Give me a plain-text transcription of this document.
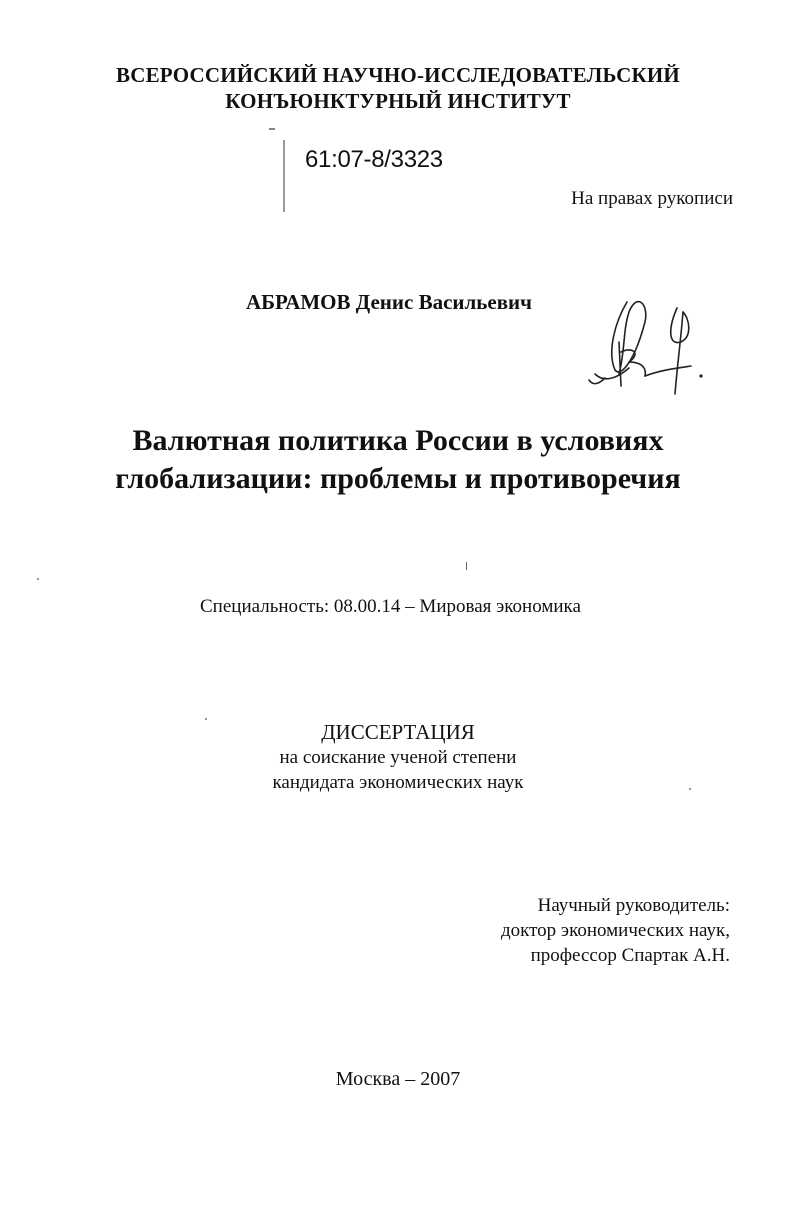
ВСЕРОССИЙСКИЙ НАУЧНО-ИССЛЕДОВАТЕЛЬСКИЙ
КОНЪЮНКТУРНЫЙ ИНСТИТУТ
61:07-8/3323
На правах рукописи
АБРАМОВ Денис Васильевич
Валютная политика России в условиях
глобализации: проблемы и противоречия
Специальность: 08.00.14 – Мировая экономика
ДИССЕРТАЦИЯ
на соискание ученой степени
кандидата экономических наук
Научный руководитель:
доктор экономических наук,
профессор Спартак А.Н.
Москва – 2007
